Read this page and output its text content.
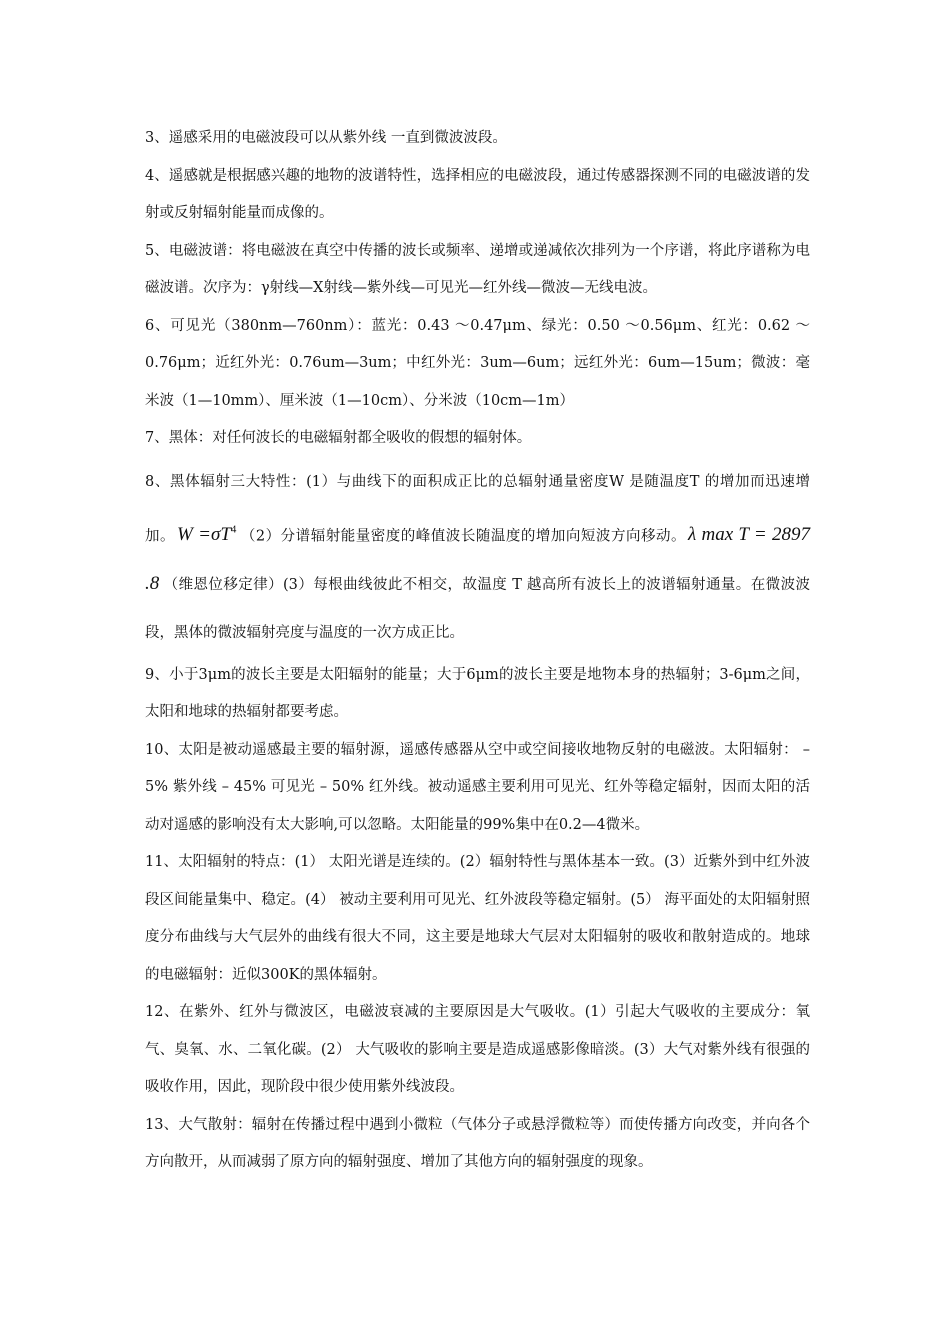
3、遥感采用的电磁波段可以从紫外线 一直到微波波段。

4、遥感就是根据感兴趣的地物的波谱特性，选择相应的电磁波段，通过传感器探测不同的电磁波谱的发射或反射辐射能量而成像的。

5、电磁波谱：将电磁波在真空中传播的波长或频率、递增或递减依次排列为一个序谱，将此序谱称为电磁波谱。次序为：γ射线—X射线—紫外线—可见光—红外线—微波—无线电波。

6、可见光（380nm—760nm）：蓝光：0.43 ～0.47μm、绿光：0.50 ～0.56μm、红光：0.62 ～0.76μm；近红外光：0.76um—3um；中红外光：3um—6um；远红外光：6um—15um；微波：毫米波（1—10mm）、厘米波（1—10cm）、分米波（10cm—1m）

7、黑体：对任何波长的电磁辐射都全吸收的假想的辐射体。

8、黑体辐射三大特性：(1）与曲线下的面积成正比的总辐射通量密度W 是随温度T 的增加而迅速增加。 $W =\sigma T^4$ （2）分谱辐射能量密度的峰值波长随温度的增加向短波方向移动。 λ max T = 2897 .8 （维恩位移定律）(3）每根曲线彼此不相交，故温度 T 越高所有波长上的波谱辐射通量。在微波波段，黑体的微波辐射亮度与温度的一次方成正比。

9、小于3μm的波长主要是太阳辐射的能量；大于6μm的波长主要是地物本身的热辐射；3-6μm之间，太阳和地球的热辐射都要考虑。

10、太阳是被动遥感最主要的辐射源，遥感传感器从空中或空间接收地物反射的电磁波。太阳辐射： –5% 紫外线 – 45% 可见光 – 50% 红外线。被动遥感主要利用可见光、红外等稳定辐射，因而太阳的活动对遥感的影响没有太大影响,可以忽略。太阳能量的99%集中在0.2—4微米。

11、太阳辐射的特点：(1） 太阳光谱是连续的。(2）辐射特性与黑体基本一致。(3）近紫外到中红外波段区间能量集中、稳定。(4） 被动主要利用可见光、红外波段等稳定辐射。(5） 海平面处的太阳辐射照度分布曲线与大气层外的曲线有很大不同，这主要是地球大气层对太阳辐射的吸收和散射造成的。地球的电磁辐射：近似300K的黑体辐射。

12、在紫外、红外与微波区，电磁波衰减的主要原因是大气吸收。(1）引起大气吸收的主要成分：氧气、臭氧、水、二氧化碳。(2） 大气吸收的影响主要是造成遥感影像暗淡。(3）大气对紫外线有很强的吸收作用，因此，现阶段中很少使用紫外线波段。

13、大气散射：辐射在传播过程中遇到小微粒（气体分子或悬浮微粒等）而使传播方向改变，并向各个方向散开，从而减弱了原方向的辐射强度、增加了其他方向的辐射强度的现象。
